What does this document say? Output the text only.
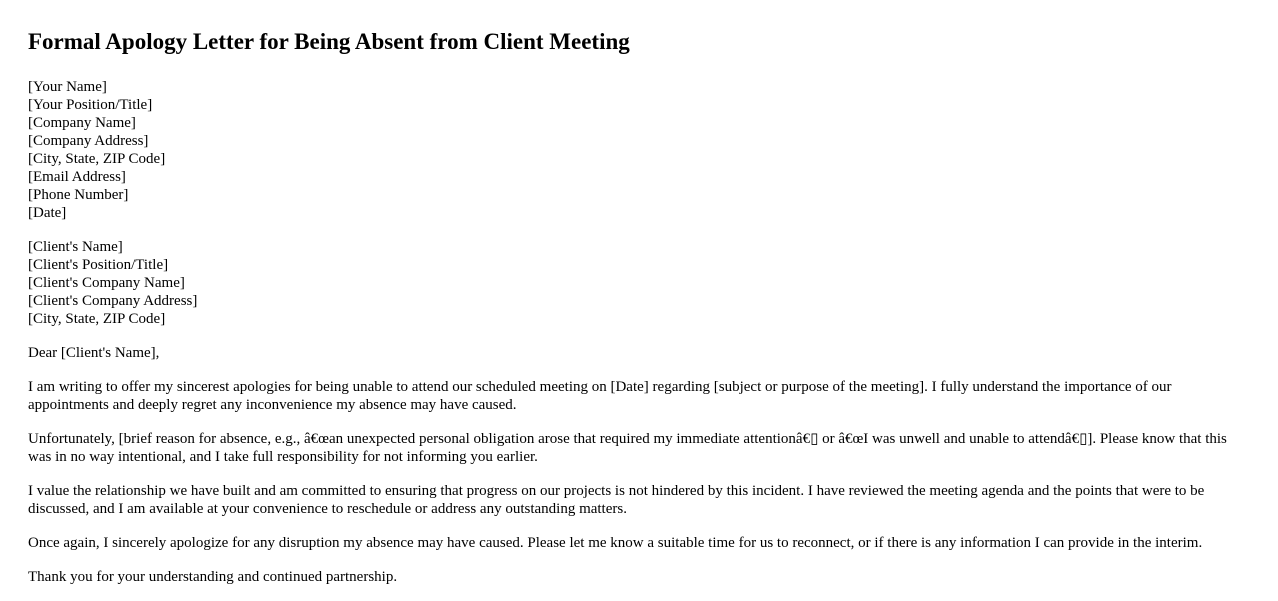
Formal Apology Letter for Being Absent from Client Meeting
[Your Name]
[Your Position/Title]
[Company Name]
[Company Address]
[City, State, ZIP Code]
[Email Address]
[Phone Number]
[Date]
[Client's Name]
[Client's Position/Title]
[Client's Company Name]
[Client's Company Address]
[City, State, ZIP Code]

Dear [Client's Name],

I am writing to offer my sincerest apologies for being unable to attend our scheduled meeting on [Date] regarding [subject or purpose of the meeting]. I fully understand the importance of our appointments and deeply regret any inconvenience my absence may have caused.

Unfortunately, [brief reason for absence, e.g., â€œan unexpected personal obligation arose that required my immediate attentionâ€▯ or â€œI was unwell and unable to attendâ€▯]. Please know that this was in no way intentional, and I take full responsibility for not informing you earlier.

I value the relationship we have built and am committed to ensuring that progress on our projects is not hindered by this incident. I have reviewed the meeting agenda and the points that were to be discussed, and I am available at your convenience to reschedule or address any outstanding matters.

Once again, I sincerely apologize for any disruption my absence may have caused. Please let me know a suitable time for us to reconnect, or if there is any information I can provide in the interim.

Thank you for your understanding and continued partnership.
